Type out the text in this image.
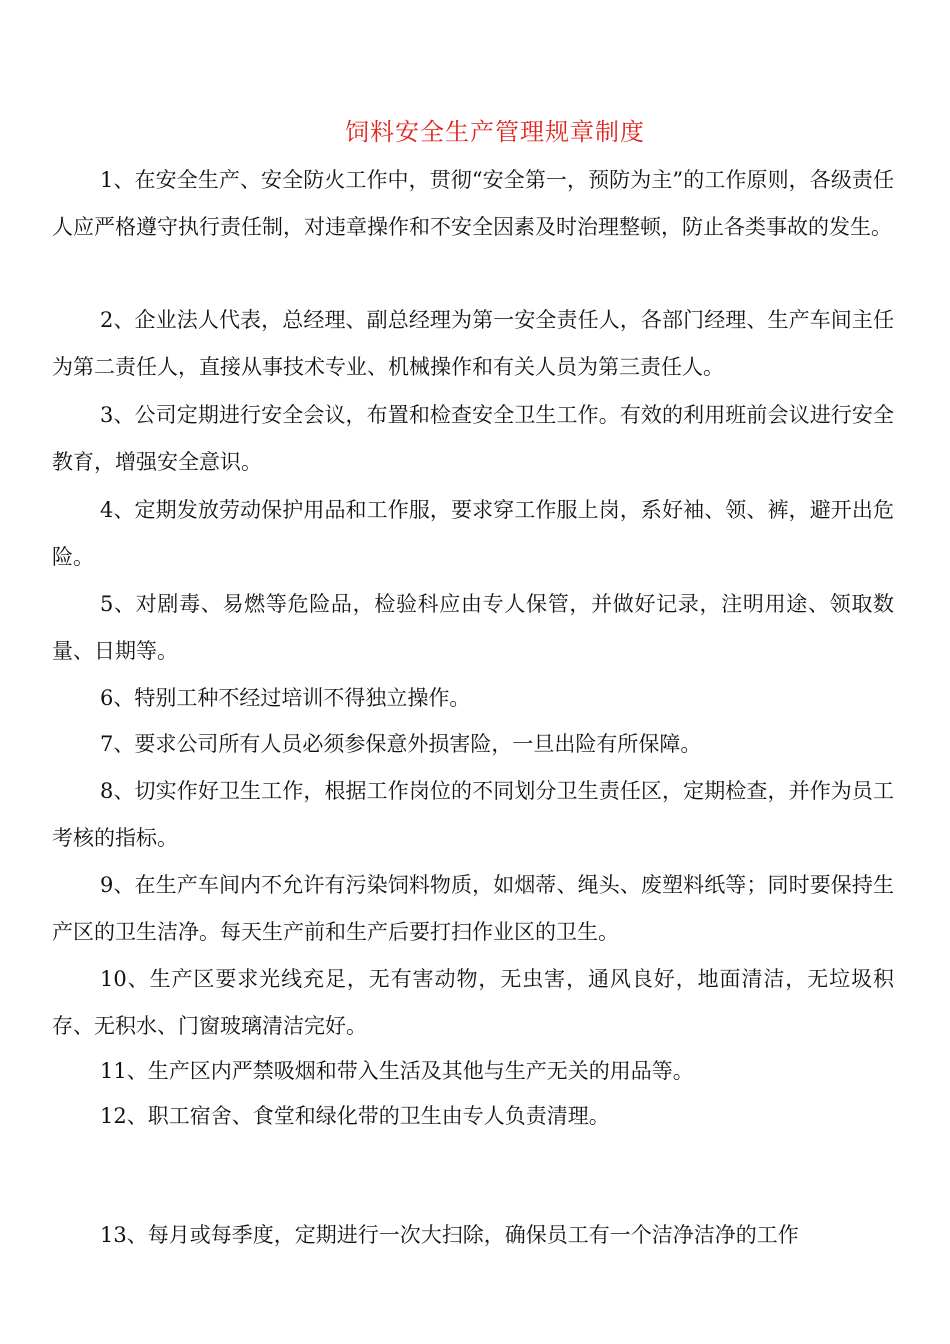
饲料安全生产管理规章制度

1、在安全生产、安全防火工作中，贯彻“安全第一，预防为主”的工作原则，各级责任人应严格遵守执行责任制，对违章操作和不安全因素及时治理整顿，防止各类事故的发生。

2、企业法人代表，总经理、副总经理为第一安全责任人，各部门经理、生产车间主任为第二责任人，直接从事技术专业、机械操作和有关人员为第三责任人。

3、公司定期进行安全会议，布置和检查安全卫生工作。有效的利用班前会议进行安全教育，增强安全意识。

4、定期发放劳动保护用品和工作服，要求穿工作服上岗，系好袖、领、裤，避开出危险。

5、对剧毒、易燃等危险品，检验科应由专人保管，并做好记录，注明用途、领取数量、日期等。

6、特别工种不经过培训不得独立操作。

7、要求公司所有人员必须参保意外损害险，一旦出险有所保障。

8、切实作好卫生工作，根据工作岗位的不同划分卫生责任区，定期检查，并作为员工考核的指标。

9、在生产车间内不允许有污染饲料物质，如烟蒂、绳头、废塑料纸等；同时要保持生产区的卫生洁净。每天生产前和生产后要打扫作业区的卫生。

10、生产区要求光线充足，无有害动物，无虫害，通风良好，地面清洁，无垃圾积存、无积水、门窗玻璃清洁完好。

11、生产区内严禁吸烟和带入生活及其他与生产无关的用品等。

12、职工宿舍、食堂和绿化带的卫生由专人负责清理。

13、每月或每季度，定期进行一次大扫除，确保员工有一个洁净洁净的工作
